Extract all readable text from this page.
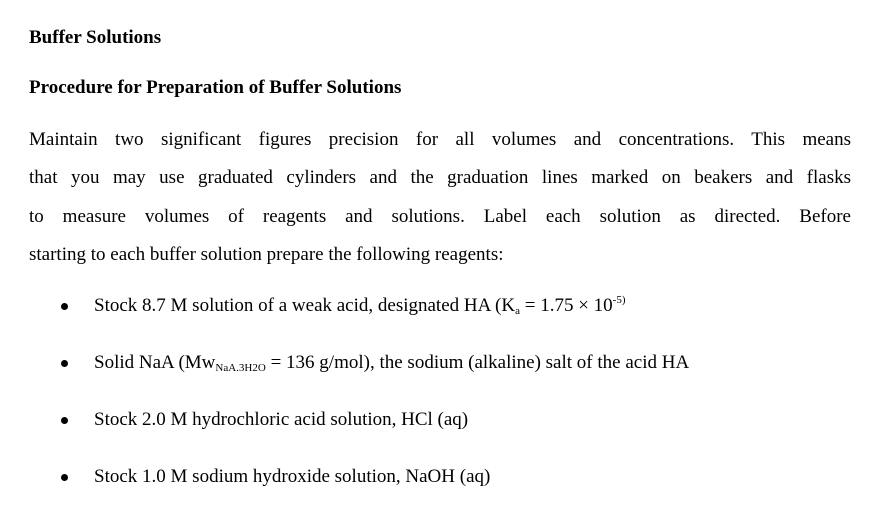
Buffer Solutions
Procedure for Preparation of Buffer Solutions
Maintain two significant figures precision for all volumes and concentrations. This means
that you may use graduated cylinders and the graduation lines marked on beakers and flasks
to measure volumes of reagents and solutions. Label each solution as directed. Before
starting to each buffer solution prepare the following reagents:
Stock 8.7 M solution of a weak acid, designated HA ($K_a = 1.75 \times 10^{-5)}$
Solid NaA ($Mw_{NaA.3H2O} = 136$ g/mol), the sodium (alkaline) salt of the acid HA
Stock 2.0 M hydrochloric acid solution, HCl (aq)
Stock 1.0 M sodium hydroxide solution, NaOH (aq)
